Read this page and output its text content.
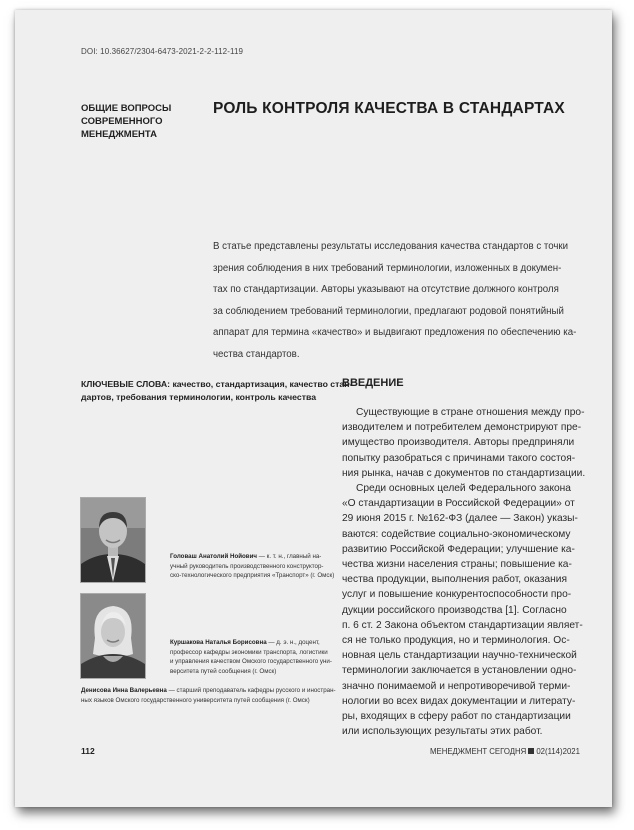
DOI: 10.36627/2304-6473-2021-2-2-112-119
ОБЩИЕ ВОПРОСЫ
СОВРЕМЕННОГО
МЕНЕДЖМЕНТА
РОЛЬ КОНТРОЛЯ КАЧЕСТВА В СТАНДАРТАХ
В статье представлены результаты исследования качества стандартов с точки
зрения соблюдения в них требований терминологии, изложенных в докумен-
тах по стандартизации. Авторы указывают на отсутствие должного контроля
за соблюдением требований терминологии, предлагают родовой понятийный
аппарат для термина «качество» и выдвигают предложения по обеспечению ка-
чества стандартов.
КЛЮЧЕВЫЕ СЛОВА: качество, стандартизация, качество стан-
дартов, требования терминологии, контроль качества
ВВЕДЕНИЕ
Существующие в стране отношения между про-
изводителем и потребителем демонстрируют пре-
имущество производителя. Авторы предприняли
попытку разобраться с причинами такого состоя-
ния рынка, начав с документов по стандартизации.
Среди основных целей Федерального закона
«О стандартизации в Российской Федерации» от
29 июня 2015 г. №162-ФЗ (далее — Закон) указы-
ваются: содействие социально-экономическому
развитию Российской Федерации; улучшение ка-
чества жизни населения страны; повышение ка-
чества продукции, выполнения работ, оказания
услуг и повышение конкурентоспособности про-
дукции российского производства [1]. Согласно
п. 6 ст. 2 Закона объектом стандартизации являет-
ся не только продукция, но и терминология. Ос-
новная цель стандартизации научно-технической
терминологии заключается в установлении одно-
значно понимаемой и непротиворечивой терми-
нологии во всех видах документации и литерату-
ры, входящих в сферу работ по стандартизации
или использующих результаты этих работ.
Головаш Анатолий Нойович — к. т. н., главный на-
учный руководитель производственного конструктор-
ско-технологического предприятия «Транспорт» (г. Омск)
Куршакова Наталья Борисовна — д. э. н., доцент,
профессор кафедры экономики транспорта, логистики
и управления качеством Омского государственного уни-
верситета путей сообщения (г. Омск)
Денисова Инна Валерьевна — старший преподаватель кафедры русского и иностран-
ных языков Омского государственного университета путей сообщения (г. Омск)
112	МЕНЕДЖМЕНТ СЕГОДНЯ 02(114)2021
